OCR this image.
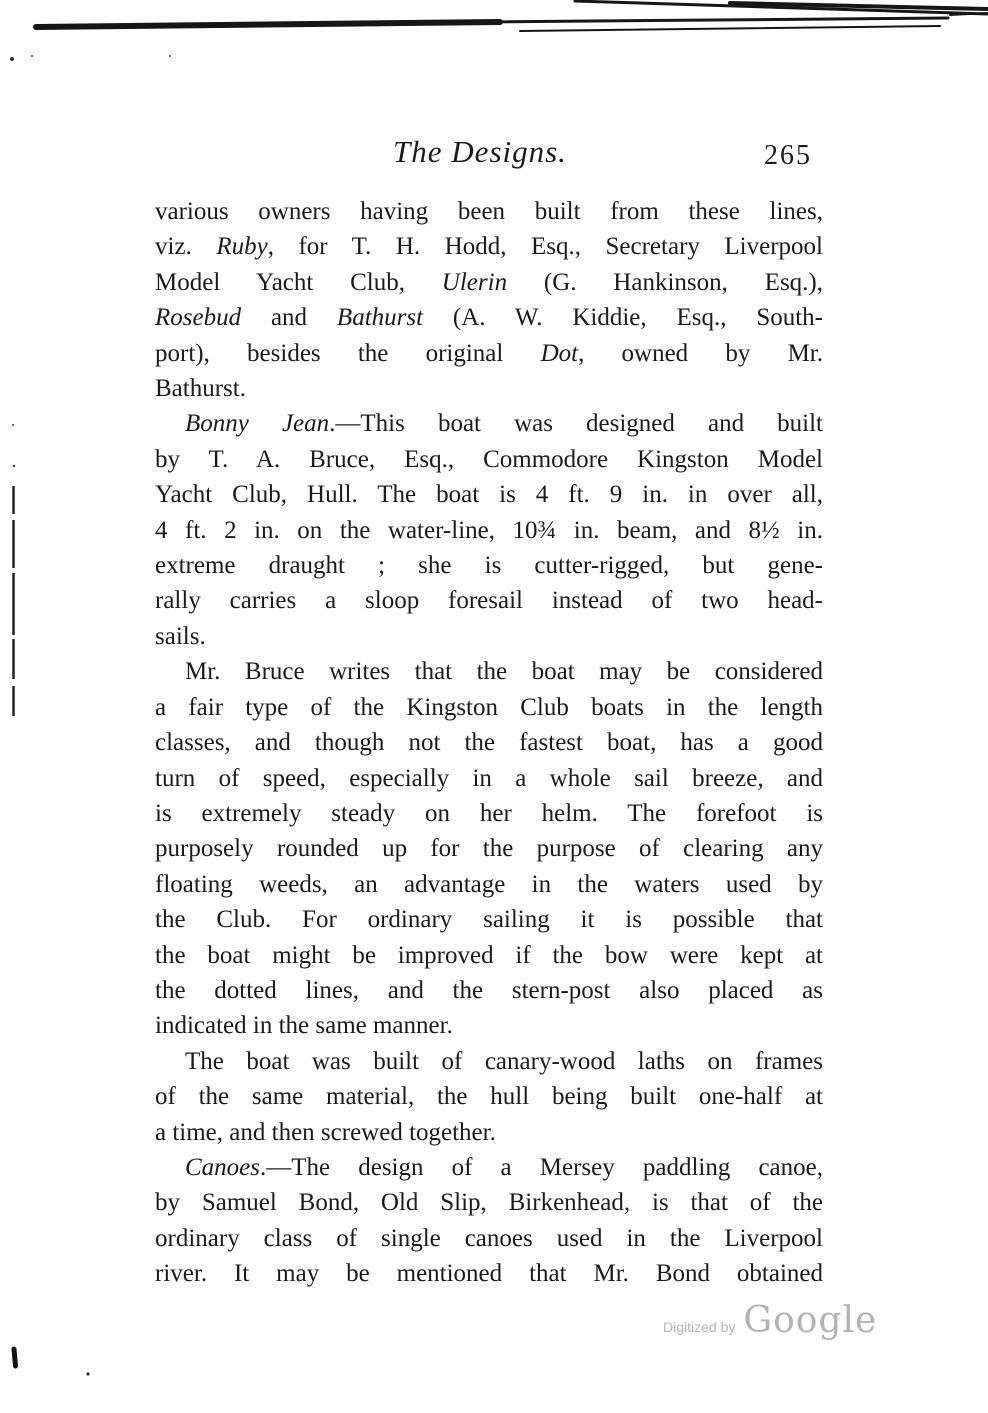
The Designs.	265
various owners having been built from these lines,
viz. Ruby, for T. H. Hodd, Esq., Secretary Liverpool
Model Yacht Club, Ulerin (G. Hankinson, Esq.),
Rosebud and Bathurst (A. W. Kiddie, Esq., South-
port), besides the original Dot, owned by Mr.
Bathurst.
Bonny Jean.—This boat was designed and built
by T. A. Bruce, Esq., Commodore Kingston Model
Yacht Club, Hull. The boat is 4 ft. 9 in. in over all,
4 ft. 2 in. on the water-line, 10¾ in. beam, and 8½ in.
extreme draught ; she is cutter-rigged, but gene-
rally carries a sloop foresail instead of two head-
sails.
Mr. Bruce writes that the boat may be considered
a fair type of the Kingston Club boats in the length
classes, and though not the fastest boat, has a good
turn of speed, especially in a whole sail breeze, and
is extremely steady on her helm. The forefoot is
purposely rounded up for the purpose of clearing any
floating weeds, an advantage in the waters used by
the Club. For ordinary sailing it is possible that
the boat might be improved if the bow were kept at
the dotted lines, and the stern-post also placed as
indicated in the same manner.
The boat was built of canary-wood laths on frames
of the same material, the hull being built one-half at
a time, and then screwed together.
Canoes.—The design of a Mersey paddling canoe,
by Samuel Bond, Old Slip, Birkenhead, is that of the
ordinary class of single canoes used in the Liverpool
river. It may be mentioned that Mr. Bond obtained
Digitized by Google
